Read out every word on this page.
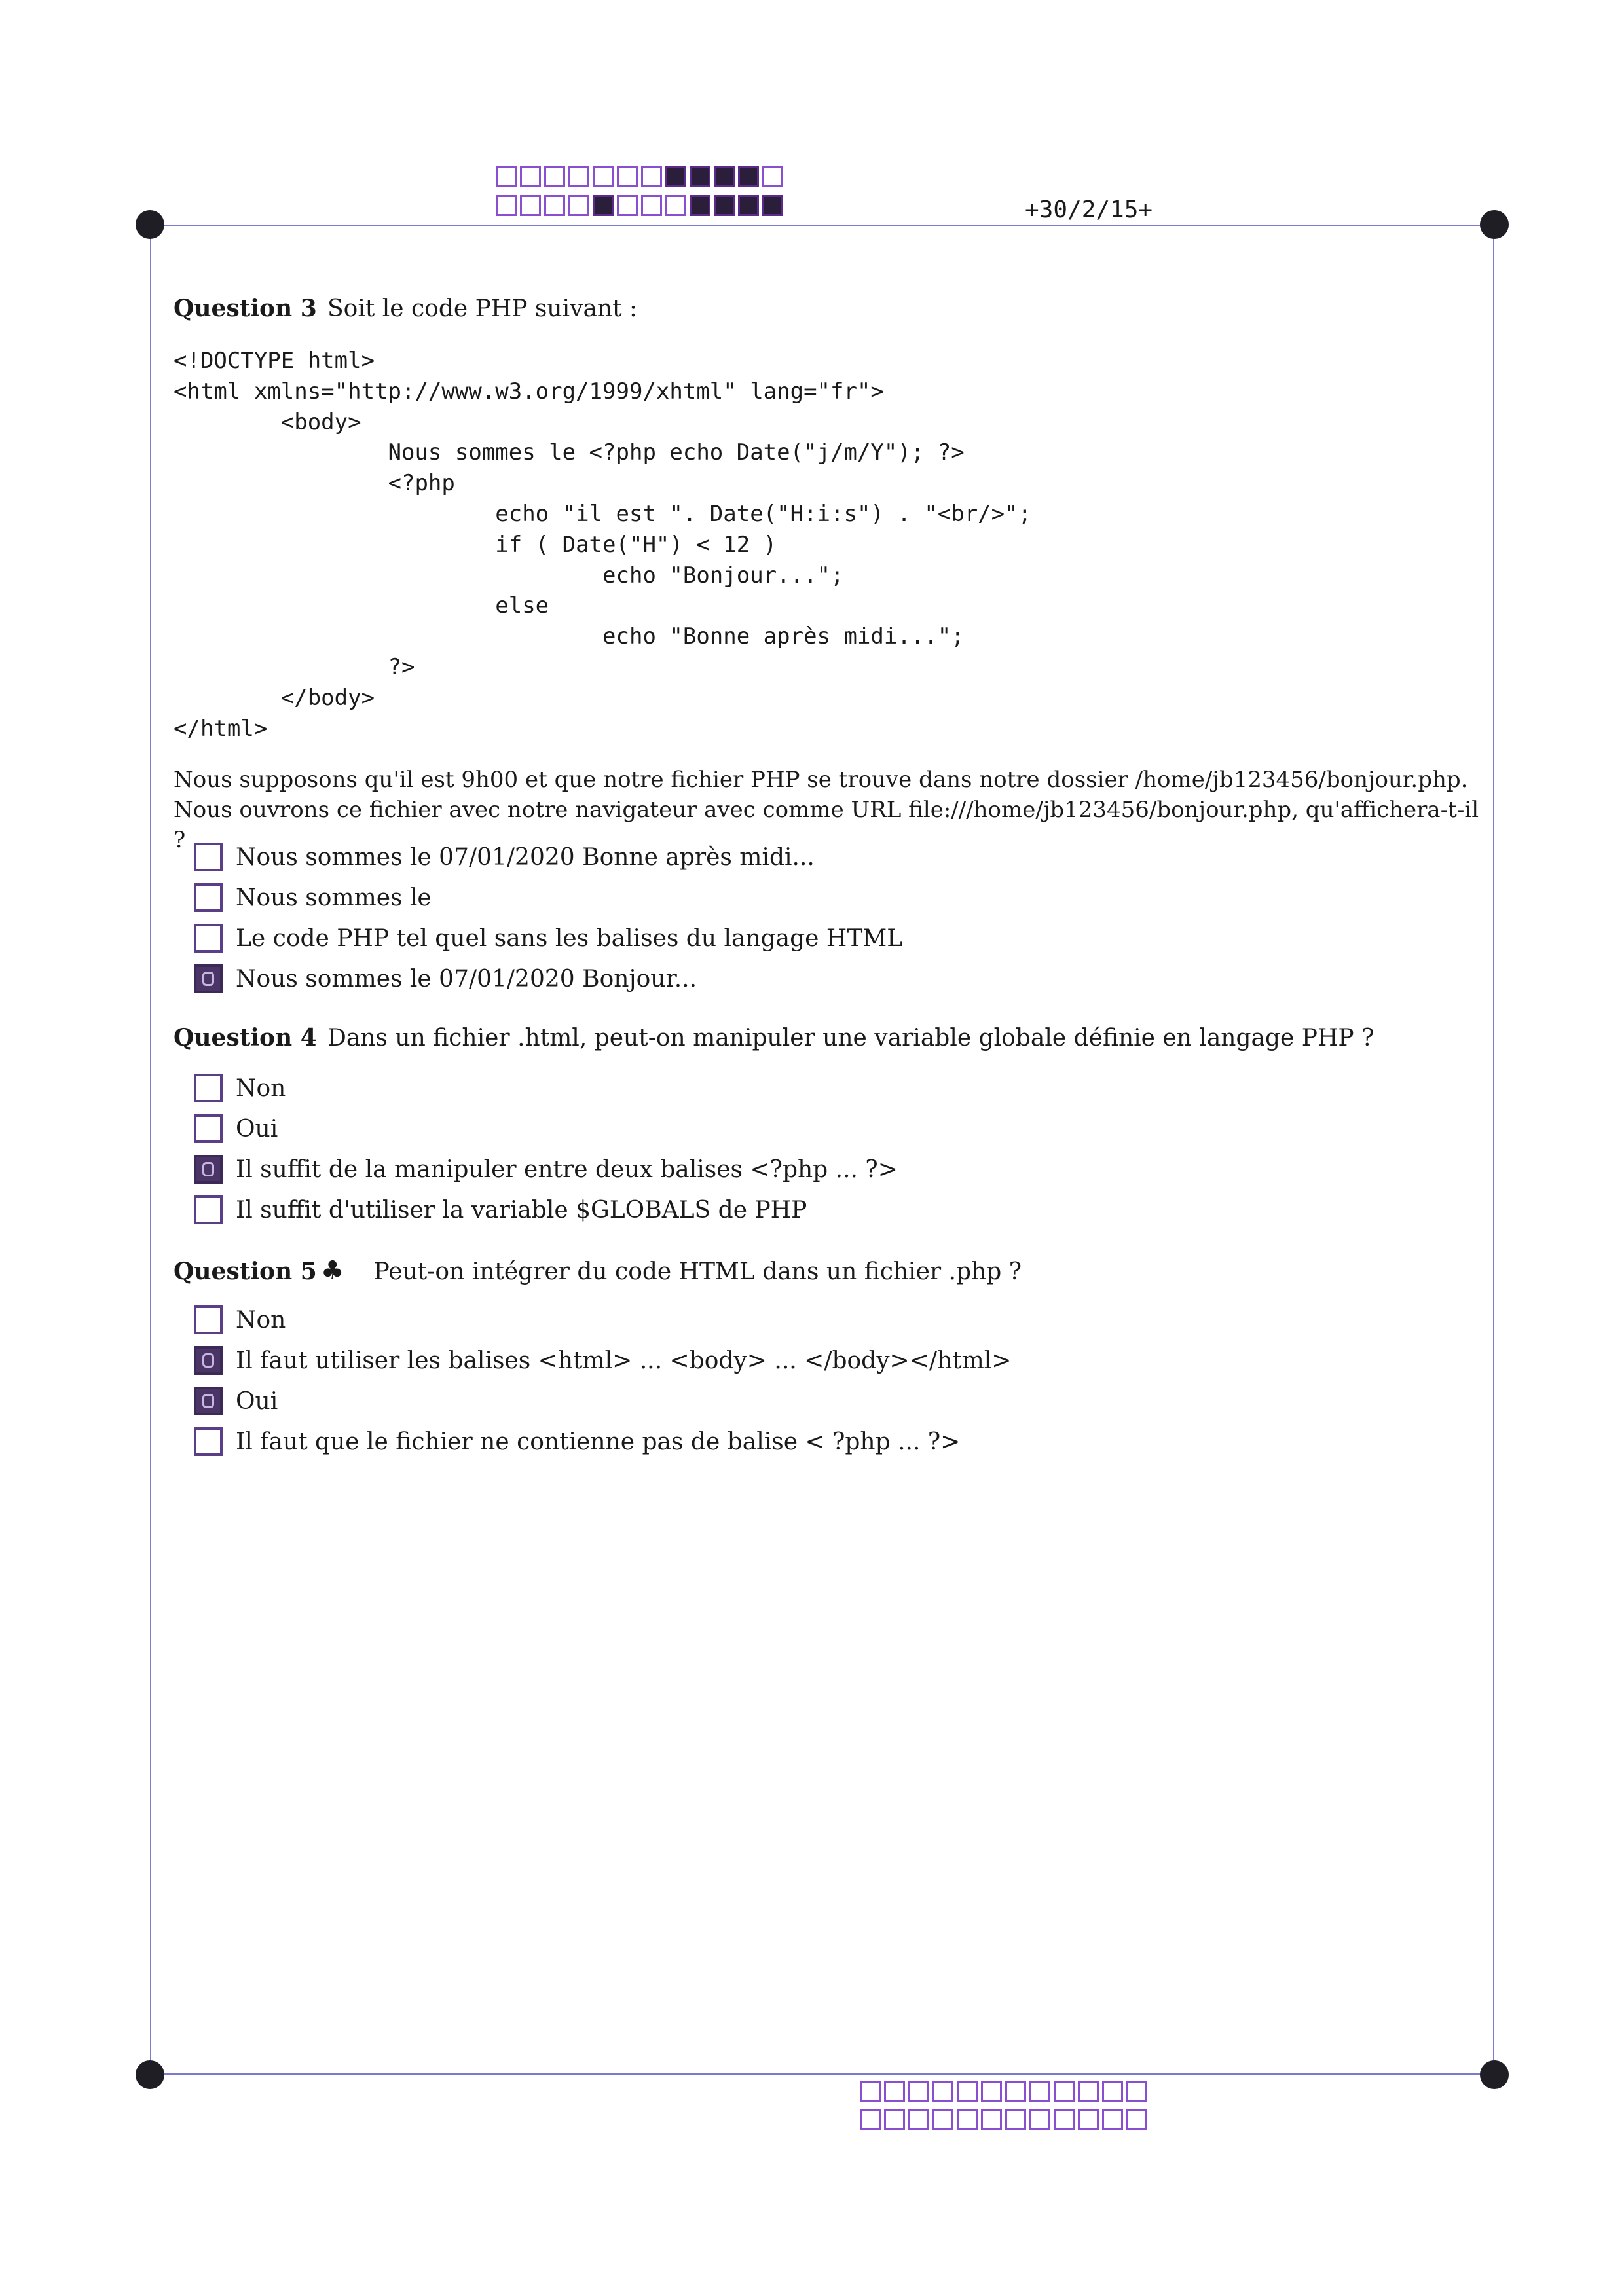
+30/2/15+
Question 3 Soit le code PHP suivant :
<!DOCTYPE html>
<html xmlns="http://www.w3.org/1999/xhtml" lang="fr">
<body>
Nous sommes le <?php echo Date("j/m/Y"); ?>
<?php
echo "il est ". Date("H:i:s") . "<br/>";
if ( Date("H") < 12 )
echo "Bonjour...";
else
echo "Bonne après midi...";
?>
</body>
</html>

Nous supposons qu'il est 9h00 et que notre fichier PHP se trouve dans notre dossier /home/jb123456/bonjour.php. Nous ouvrons ce fichier avec notre navigateur avec comme URL file:///home/jb123456/bonjour.php, qu'affichera-t-il ?

Nous sommes le 07/01/2020 Bonne après midi...
Nous sommes le
Le code PHP tel quel sans les balises du langage HTML
Nous sommes le 07/01/2020 Bonjour...
Question 4 Dans un fichier .html, peut-on manipuler une variable globale définie en langage PHP ?
Non
Oui
Il suffit de la manipuler entre deux balises <?php ... ?>
Il suffit d'utiliser la variable $GLOBALS de PHP
Question 5 ♣ Peut-on intégrer du code HTML dans un fichier .php ?
Non
Il faut utiliser les balises <html> ... <body> ... </body></html>
Oui
Il faut que le fichier ne contienne pas de balise < ?php ... ?>
